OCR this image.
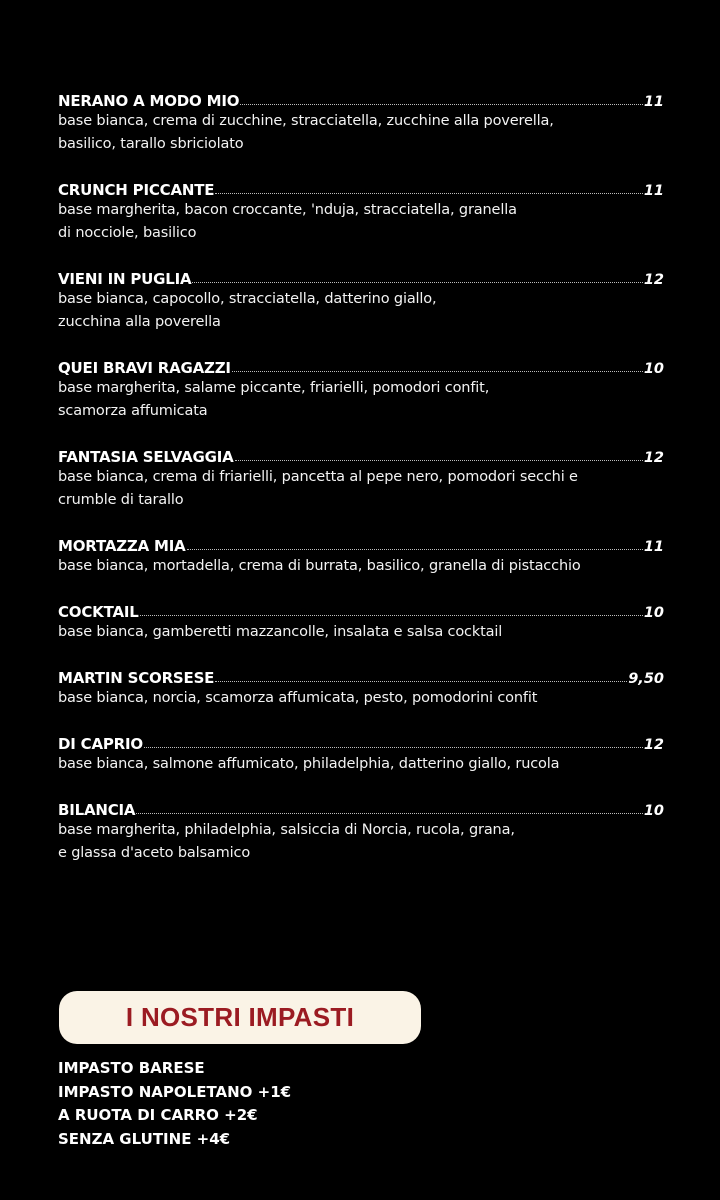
NERANO A MODO MIO	11
base bianca, crema di zucchine, stracciatella, zucchine alla poverella,
basilico, tarallo sbriciolato
CRUNCH PICCANTE	11
base margherita, bacon croccante, 'nduja, stracciatella, granella
di nocciole, basilico
VIENI IN PUGLIA	12
base bianca, capocollo, stracciatella, datterino giallo,
zucchina alla poverella
QUEI BRAVI RAGAZZI	10
base margherita, salame piccante, friarielli, pomodori confit,
scamorza affumicata
FANTASIA SELVAGGIA	12
base bianca, crema di friarielli, pancetta al pepe nero, pomodori secchi e
crumble di tarallo
MORTAZZA MIA	11
base bianca, mortadella, crema di burrata, basilico, granella di pistacchio
COCKTAIL	10
base bianca, gamberetti mazzancolle, insalata e salsa cocktail
MARTIN SCORSESE	9,50
base bianca, norcia, scamorza affumicata, pesto, pomodorini confit
DI CAPRIO	12
base bianca, salmone affumicato, philadelphia, datterino giallo, rucola
BILANCIA	10
base margherita, philadelphia, salsiccia di Norcia, rucola, grana,
e glassa d'aceto balsamico
I NOSTRI IMPASTI
IMPASTO BARESE
IMPASTO NAPOLETANO +1€
A RUOTA DI CARRO +2€
SENZA GLUTINE +4€
